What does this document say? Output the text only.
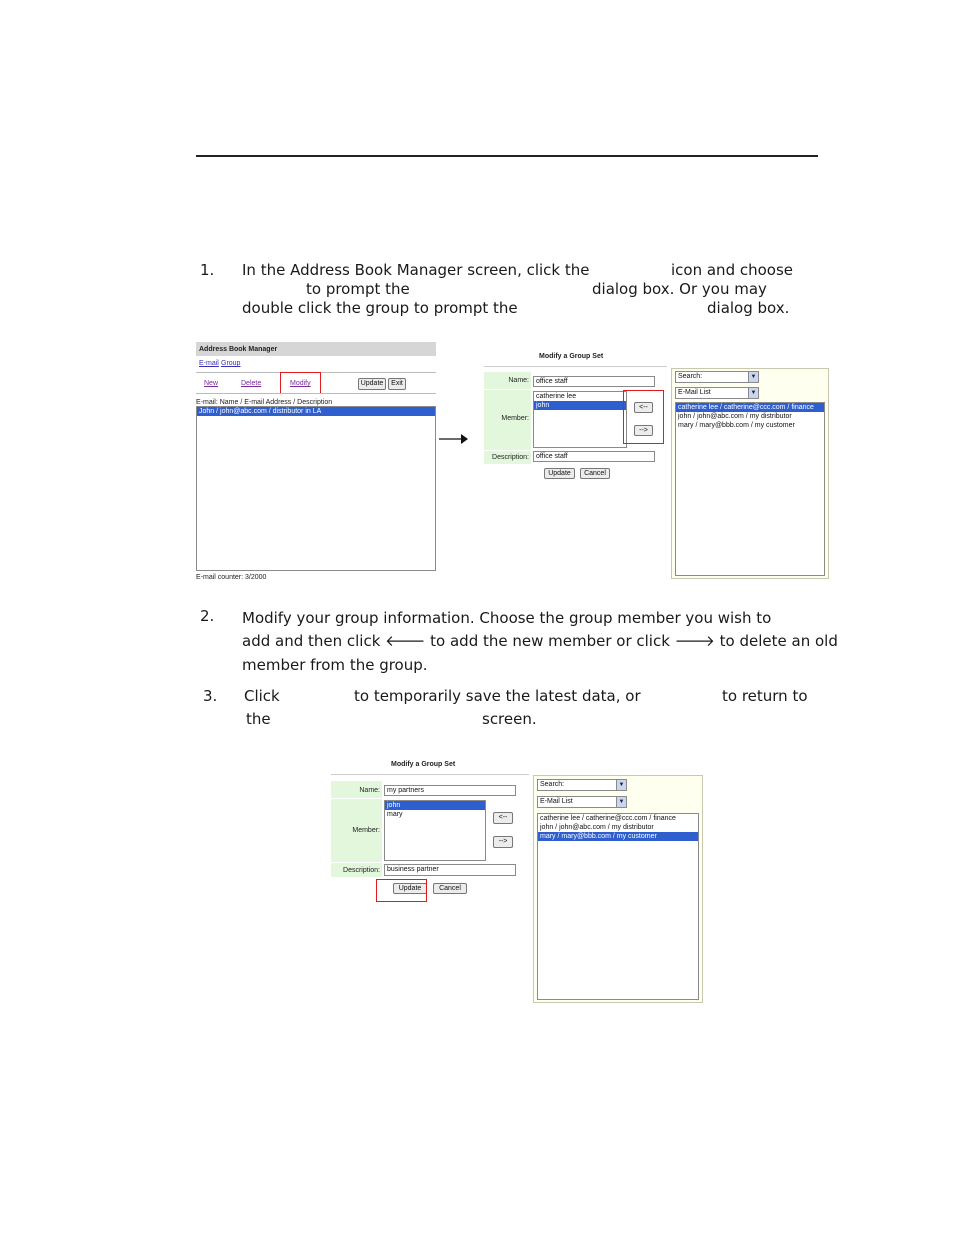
1. In the Address Book Manager screen, click the	icon and choose
to prompt the	dialog box. Or you may
double click the group to prompt the	dialog box.
Address Book Manager
E-mail Group
New	Delete	Modify	Update	Exit
E-mail: Name / E-mail Address / Description
John / john@abc.com / distributor in LA
E-mail counter: 3/2000
Modify a Group Set
Name:	office staff
Member:
catherine lee
john	<--
-->
Description:	office staff
Update	Cancel
Search:	▼
E-Mail List	▼
catherine lee / catherine@ccc.com / finance
john / john@abc.com / my distributor
mary / mary@bbb.com / my customer
2. Modify your group information. Choose the group member you wish to
add and then click 🡐 to add the new member or click 🡒 to delete an old
member from the group.
3. Click	to temporarily save the latest data, or	to return to
the	screen.
Modify a Group Set
Name:	my partners
Member:
john
mary	<--
-->
Description:	business partner
Update	Cancel
Search:	▼
E-Mail List	▼
catherine lee / catherine@ccc.com / finance
john / john@abc.com / my distributor
mary / mary@bbb.com / my customer
